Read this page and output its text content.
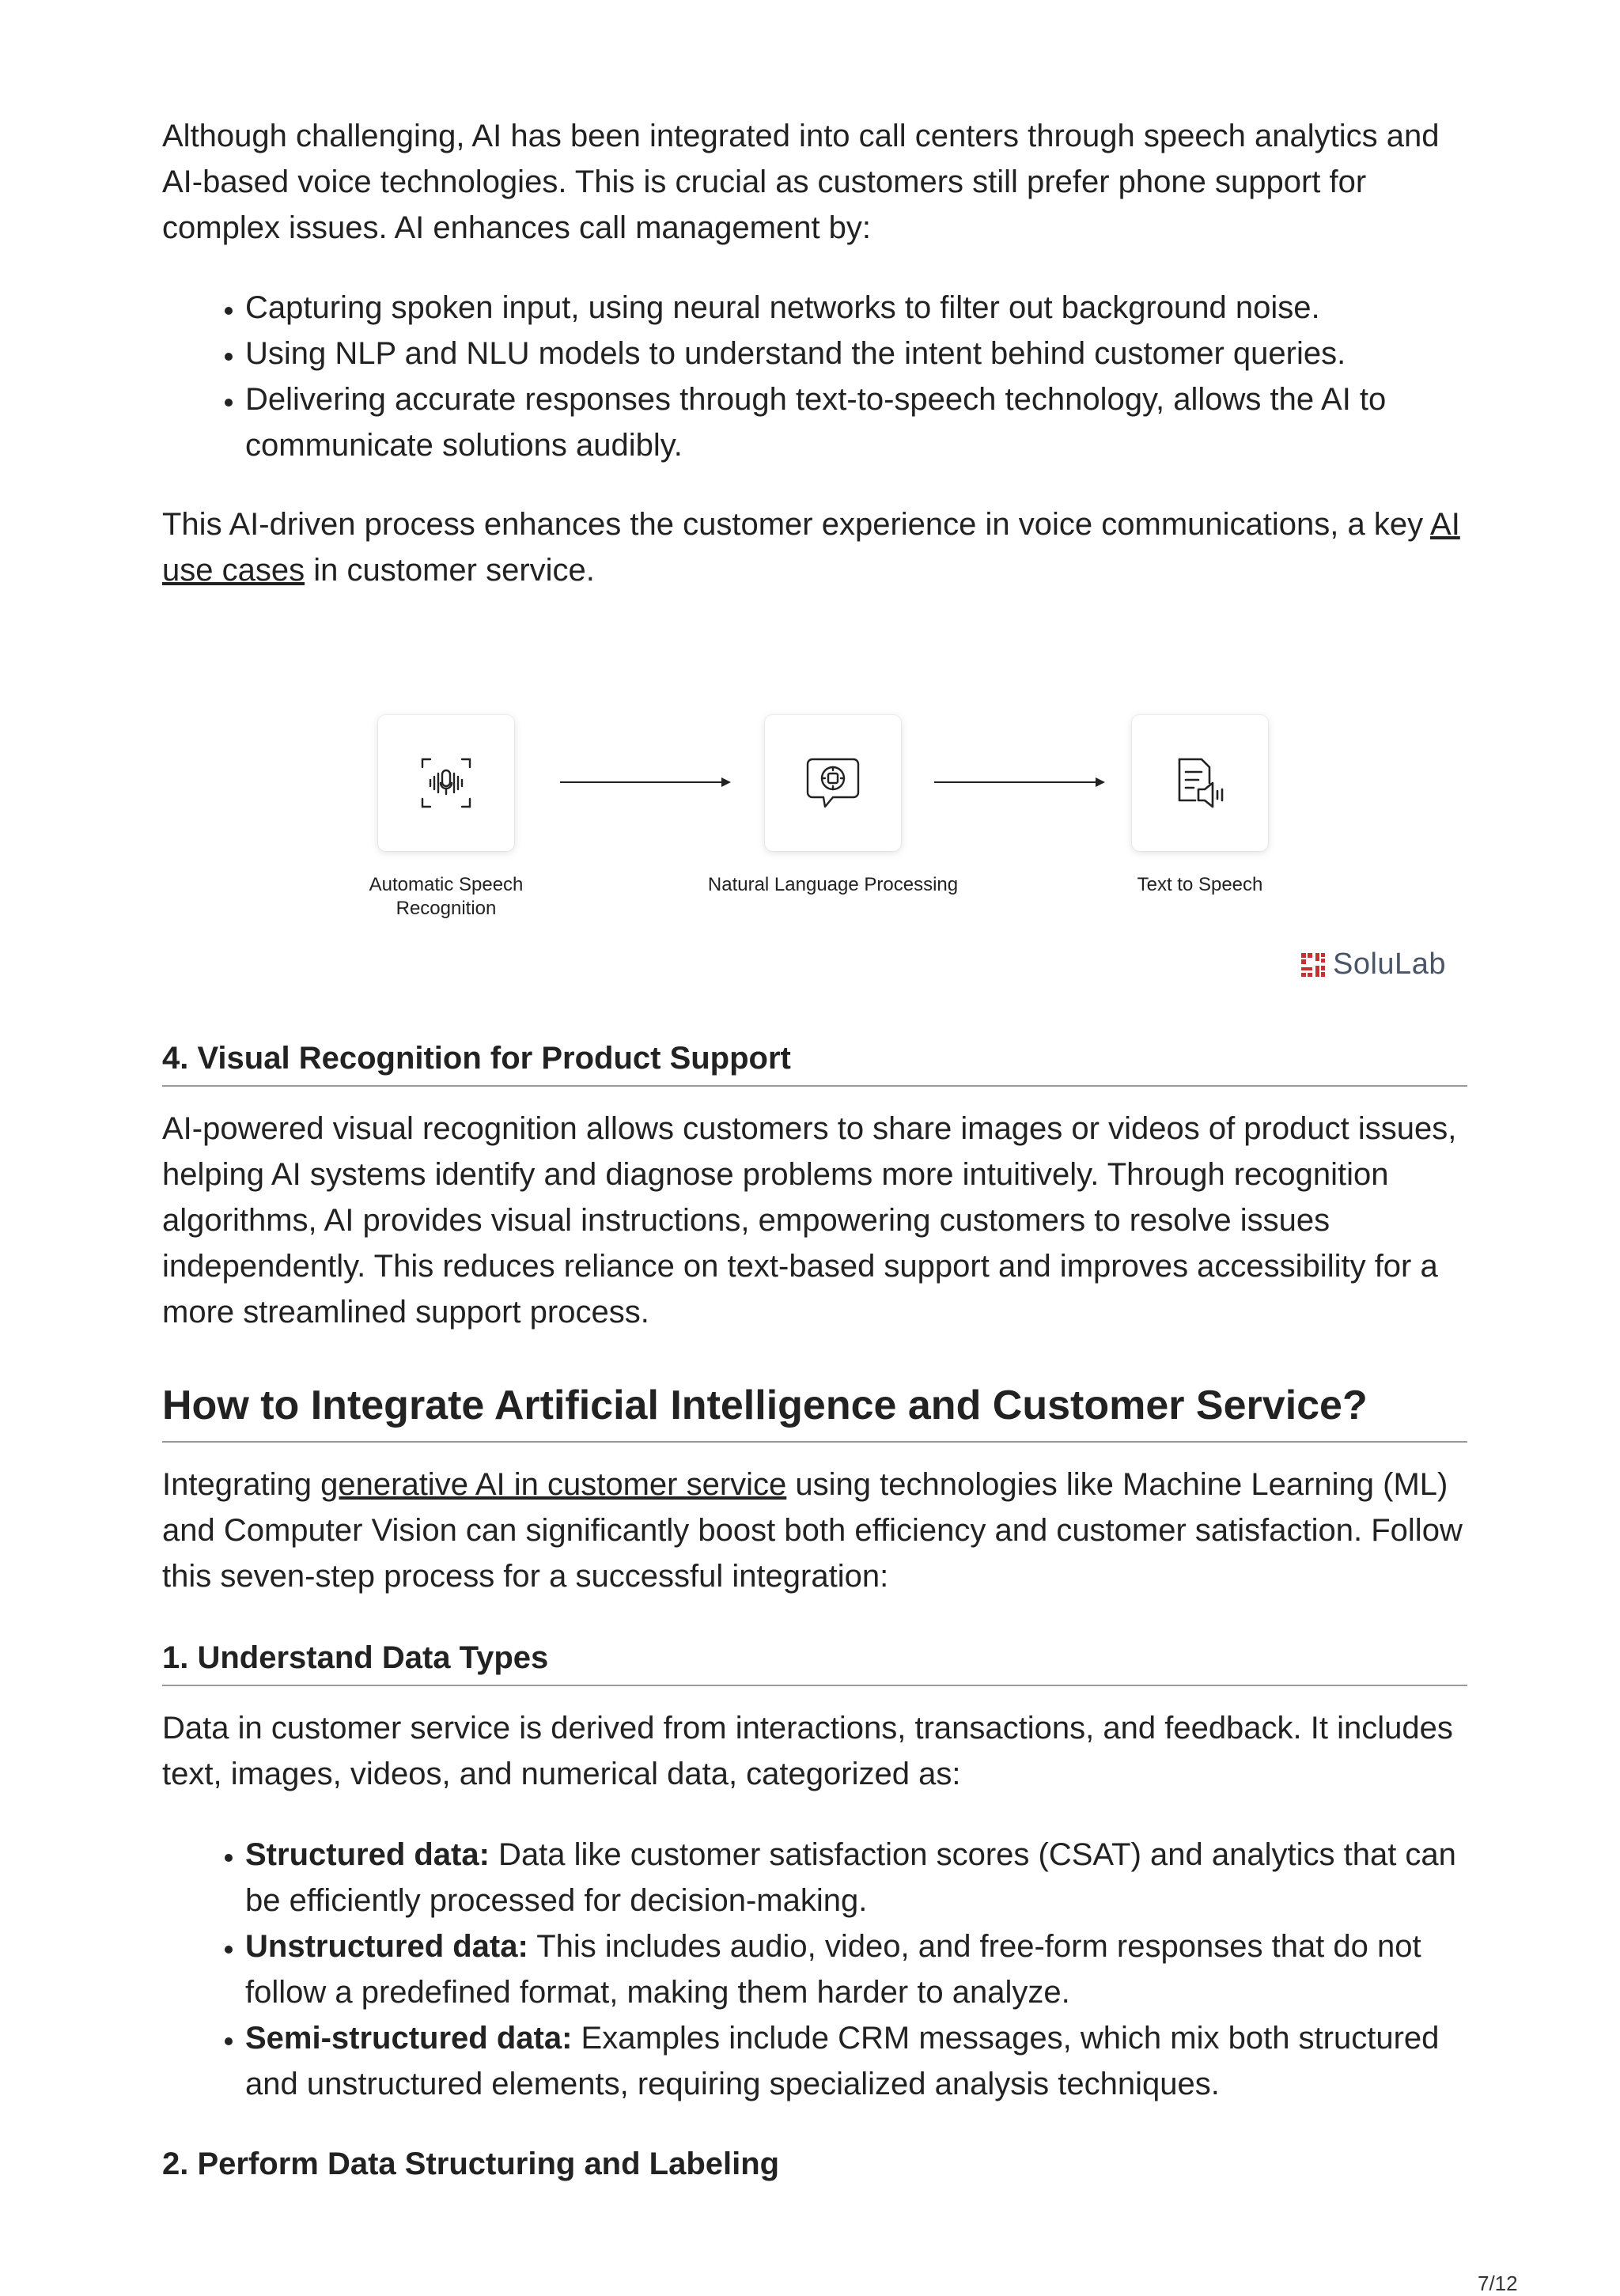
Although challenging, AI has been integrated into call centers through speech analytics and AI-based voice technologies. This is crucial as customers still prefer phone support for complex issues. AI enhances call management by:

• Capturing spoken input, using neural networks to filter out background noise.
• Using NLP and NLU models to understand the intent behind customer queries.
• Delivering accurate responses through text-to-speech technology, allows the AI to communicate solutions audibly.

This AI-driven process enhances the customer experience in voice communications, a key AI use cases in customer service.

4. Visual Recognition for Product Support

AI-powered visual recognition allows customers to share images or videos of product issues, helping AI systems identify and diagnose problems more intuitively. Through recognition algorithms, AI provides visual instructions, empowering customers to resolve issues independently. This reduces reliance on text-based support and improves accessibility for a more streamlined support process.

How to Integrate Artificial Intelligence and Customer Service?

Integrating generative AI in customer service using technologies like Machine Learning (ML) and Computer Vision can significantly boost both efficiency and customer satisfaction. Follow this seven-step process for a successful integration:

1. Understand Data Types

Data in customer service is derived from interactions, transactions, and feedback. It includes text, images, videos, and numerical data, categorized as:

• Structured data: Data like customer satisfaction scores (CSAT) and analytics that can be efficiently processed for decision-making.
• Unstructured data: This includes audio, video, and free-form responses that do not follow a predefined format, making them harder to analyze.
• Semi-structured data: Examples include CRM messages, which mix both structured and unstructured elements, requiring specialized analysis techniques.
2. Perform Data Structuring and Labeling
Automatic Speech Recognition
Natural Language Processing	Text to Speech
SoluLab
7/12
